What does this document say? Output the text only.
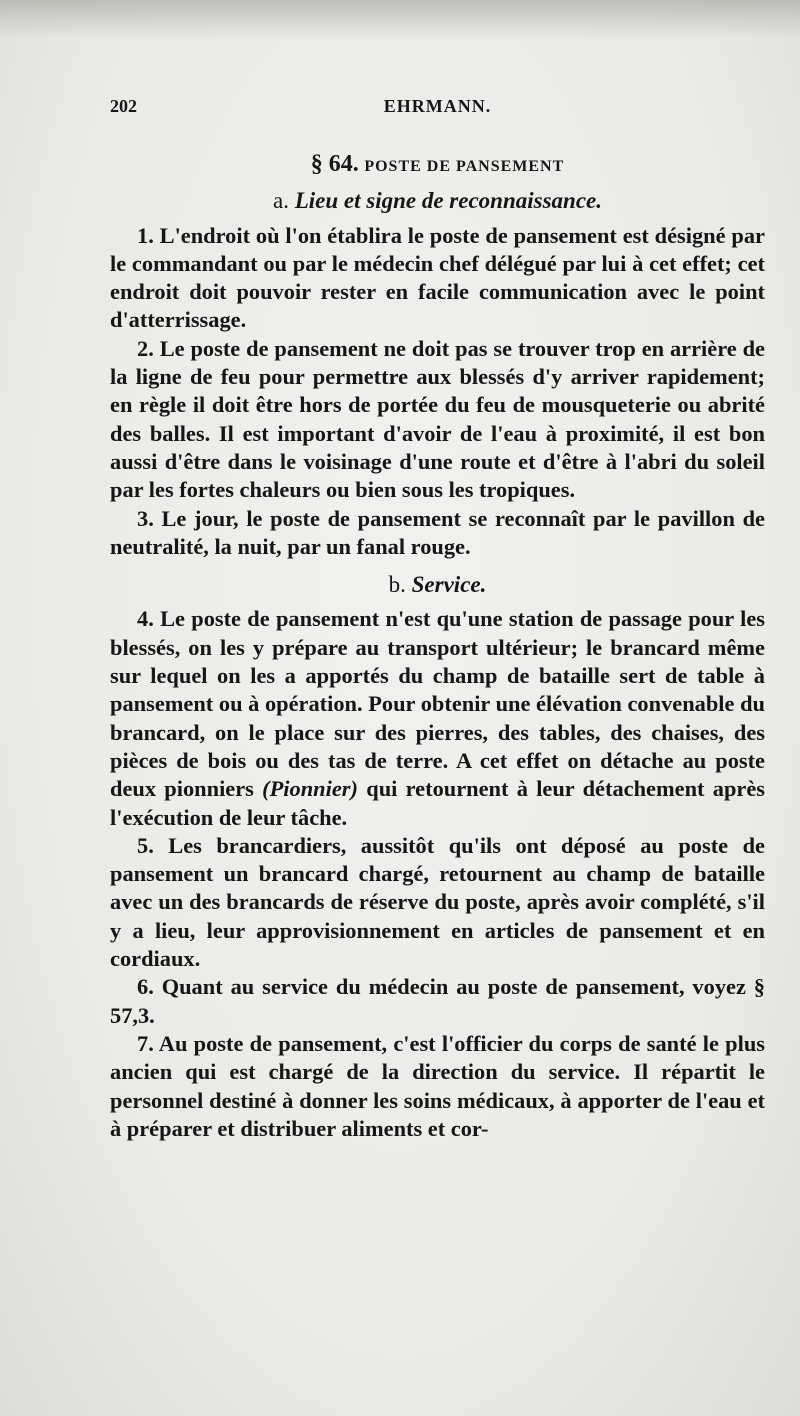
202	EHRMANN.
§ 64. POSTE DE PANSEMENT
a. Lieu et signe de reconnaissance.

1. L'endroit où l'on établira le poste de pansement est désigné par le commandant ou par le médecin chef délégué par lui à cet effet; cet endroit doit pouvoir rester en facile communication avec le point d'atterrissage.

2. Le poste de pansement ne doit pas se trouver trop en arrière de la ligne de feu pour permettre aux blessés d'y arriver rapidement; en règle il doit être hors de portée du feu de mousqueterie ou abrité des balles. Il est important d'avoir de l'eau à proximité, il est bon aussi d'être dans le voisinage d'une route et d'être à l'abri du soleil par les fortes chaleurs ou bien sous les tropiques.

3. Le jour, le poste de pansement se reconnaît par le pavillon de neutralité, la nuit, par un fanal rouge.

b. Service.

4. Le poste de pansement n'est qu'une station de passage pour les blessés, on les y prépare au transport ultérieur; le brancard même sur lequel on les a apportés du champ de bataille sert de table à pansement ou à opération. Pour obtenir une élévation convenable du brancard, on le place sur des pierres, des tables, des chaises, des pièces de bois ou des tas de terre. A cet effet on détache au poste deux pionniers (Pionnier) qui retournent à leur détachement après l'exécution de leur tâche.

5. Les brancardiers, aussitôt qu'ils ont déposé au poste de pansement un brancard chargé, retournent au champ de bataille avec un des brancards de réserve du poste, après avoir complété, s'il y a lieu, leur approvisionnement en articles de pansement et en cordiaux.

6. Quant au service du médecin au poste de pansement, voyez § 57,3.

7. Au poste de pansement, c'est l'officier du corps de santé le plus ancien qui est chargé de la direction du service. Il répartit le personnel destiné à donner les soins médicaux, à apporter de l'eau et à préparer et distribuer aliments et cor-
